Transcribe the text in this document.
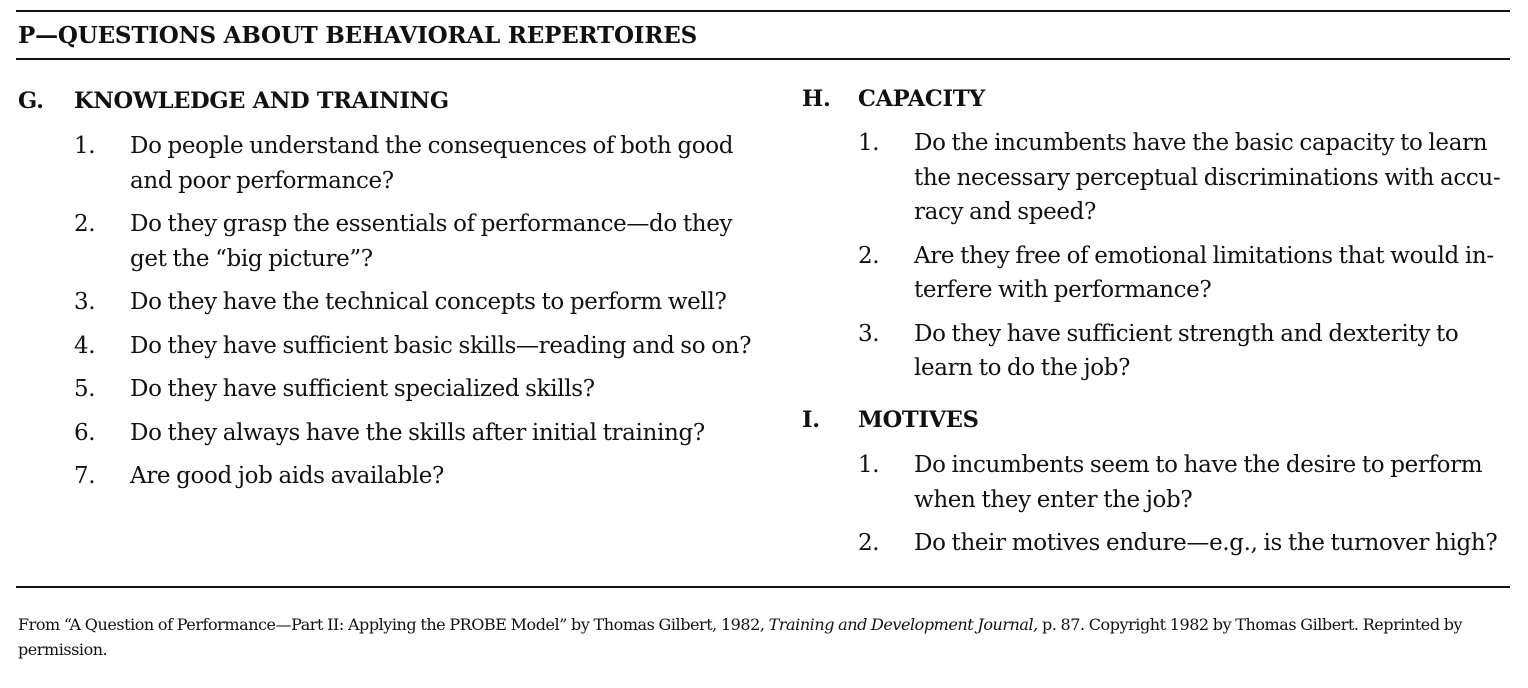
P—QUESTIONS ABOUT BEHAVIORAL REPERTOIRES
G. KNOWLEDGE AND TRAINING
1. Do people understand the consequences of both good and poor performance?
2. Do they grasp the essentials of performance—do they get the “big picture”?
3. Do they have the technical concepts to perform well?
4. Do they have sufficient basic skills—reading and so on?
5. Do they have sufficient specialized skills?
6. Do they always have the skills after initial training?
7. Are good job aids available?
H. CAPACITY
1. Do the incumbents have the basic capacity to learn the necessary perceptual discriminations with accu-racy and speed?
2. Are they free of emotional limitations that would in-terfere with performance?
3. Do they have sufficient strength and dexterity to learn to do the job?
I. MOTIVES
1. Do incumbents seem to have the desire to perform when they enter the job?
2. Do their motives endure—e.g., is the turnover high?

From “A Question of Performance—Part II: Applying the PROBE Model” by Thomas Gilbert, 1982, Training and Development Journal, p. 87. Copyright 1982 by Thomas Gilbert. Reprinted by permission.
